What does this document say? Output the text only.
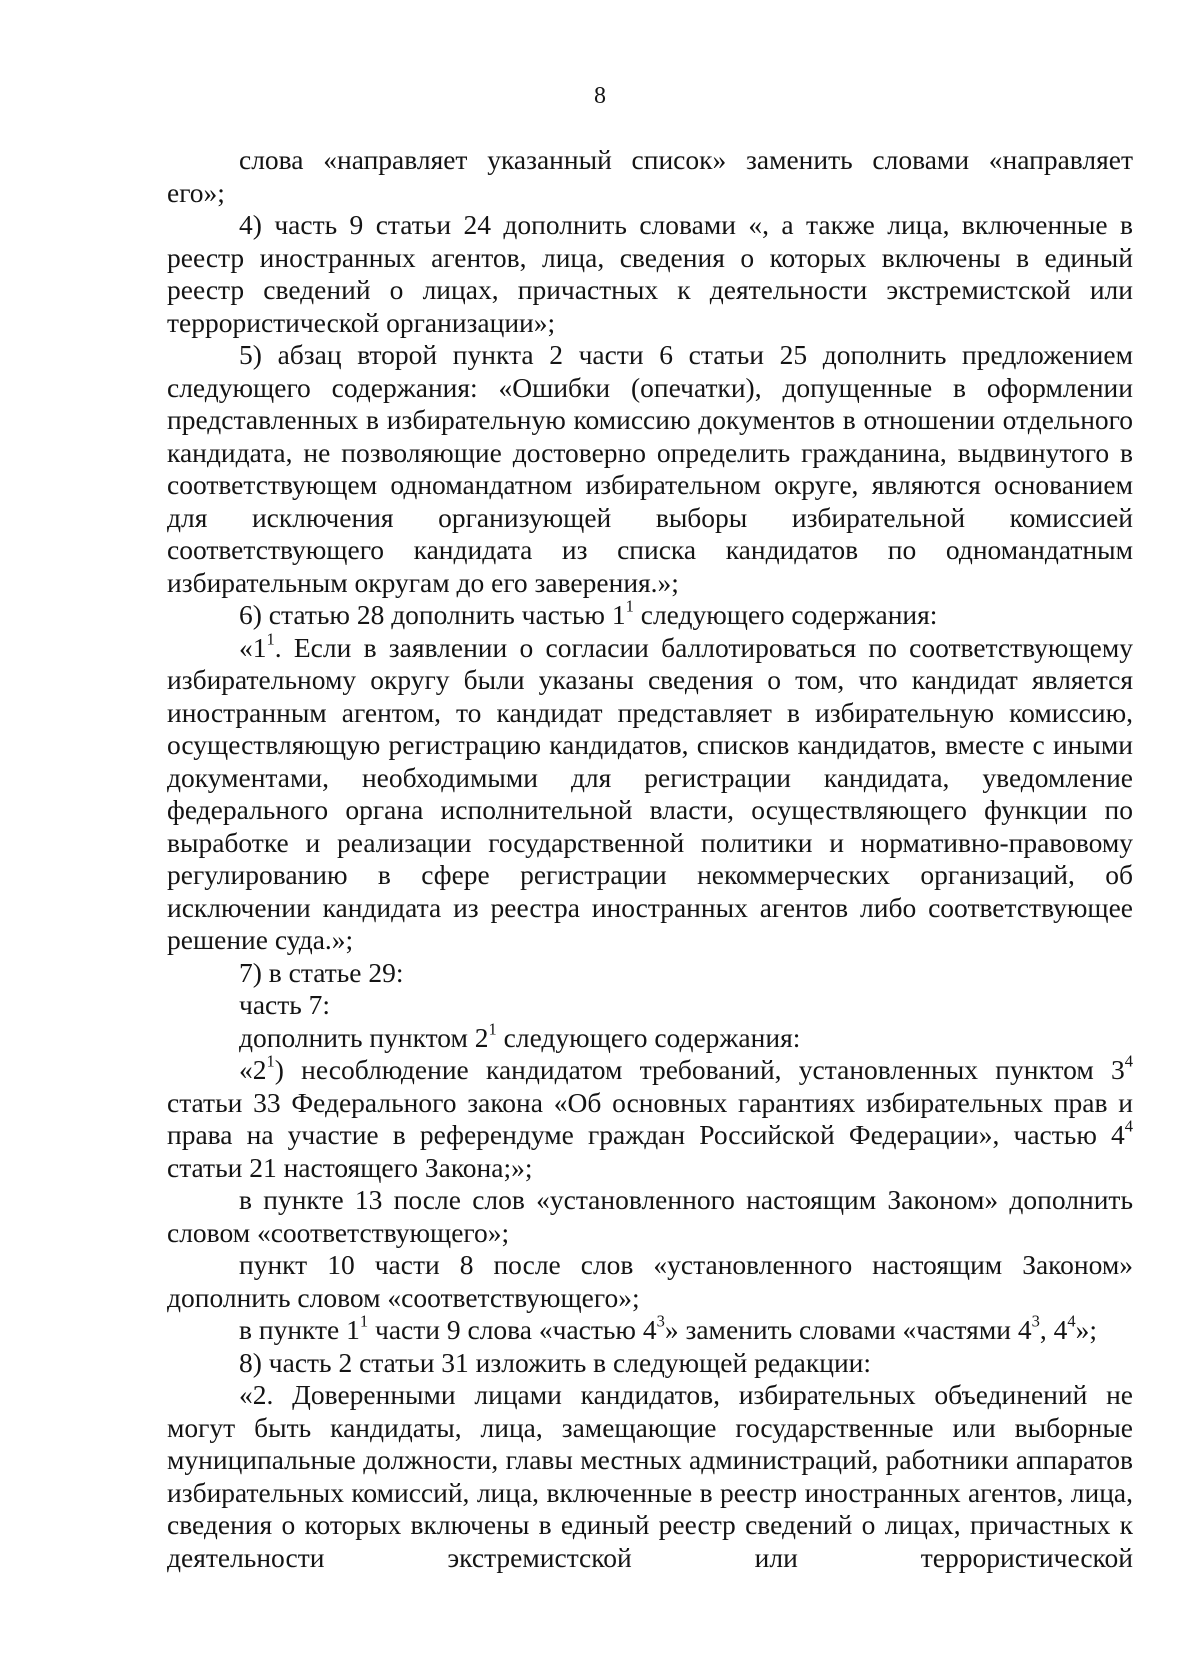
8

слова «направляет указанный список» заменить словами «направляет

его»;

4) часть 9 статьи 24 дополнить словами «, а также лица, включенные в реестр иностранных агентов, лица, сведения о которых включены в единый реестр сведений о лицах, причастных к деятельности экстремистской или террористической организации»;

5) абзац второй пункта 2 части 6 статьи 25 дополнить предложением следующего содержания: «Ошибки (опечатки), допущенные в оформлении представленных в избирательную комиссию документов в отношении отдельного кандидата, не позволяющие достоверно определить гражданина, выдвинутого в соответствующем одномандатном избирательном округе, являются основанием для исключения организующей выборы избирательной комиссией соответствующего кандидата из списка кандидатов по одномандатным избирательным округам до его заверения.»;

6) статью 28 дополнить частью $1^1$ следующего содержания:

«$1^1$. Если в заявлении о согласии баллотироваться по соответствующему избирательному округу были указаны сведения о том, что кандидат является иностранным агентом, то кандидат представляет в избирательную комиссию, осуществляющую регистрацию кандидатов, списков кандидатов, вместе с иными документами, необходимыми для регистрации кандидата, уведомление федерального органа исполнительной власти, осуществляющего функции по выработке и реализации государственной политики и нормативно-правовому регулированию в сфере регистрации некоммерческих организаций, об исключении кандидата из реестра иностранных агентов либо соответствующее решение суда.»;

7) в статье 29:

часть 7:

дополнить пунктом $2^1$ следующего содержания:

«$2^1$) несоблюдение кандидатом требований, установленных пунктом $3^4$ статьи 33 Федерального закона «Об основных гарантиях избирательных прав и права на участие в референдуме граждан Российской Федерации», частью $4^4$ статьи 21 настоящего Закона;»;

в пункте 13 после слов «установленного настоящим Законом» дополнить словом «соответствующего»;

пункт 10 части 8 после слов «установленного настоящим Законом» дополнить словом «соответствующего»;

в пункте $1^1$ части 9 слова «частью $4^3$» заменить словами «частями $4^3$, $4^4$»;

8) часть 2 статьи 31 изложить в следующей редакции:

«2. Доверенными лицами кандидатов, избирательных объединений не могут быть кандидаты, лица, замещающие государственные или выборные муниципальные должности, главы местных администраций, работники аппаратов избирательных комиссий, лица, включенные в реестр иностранных агентов, лица, сведения о которых включены в единый реестр сведений о лицах, причастных к деятельности экстремистской или террористической
